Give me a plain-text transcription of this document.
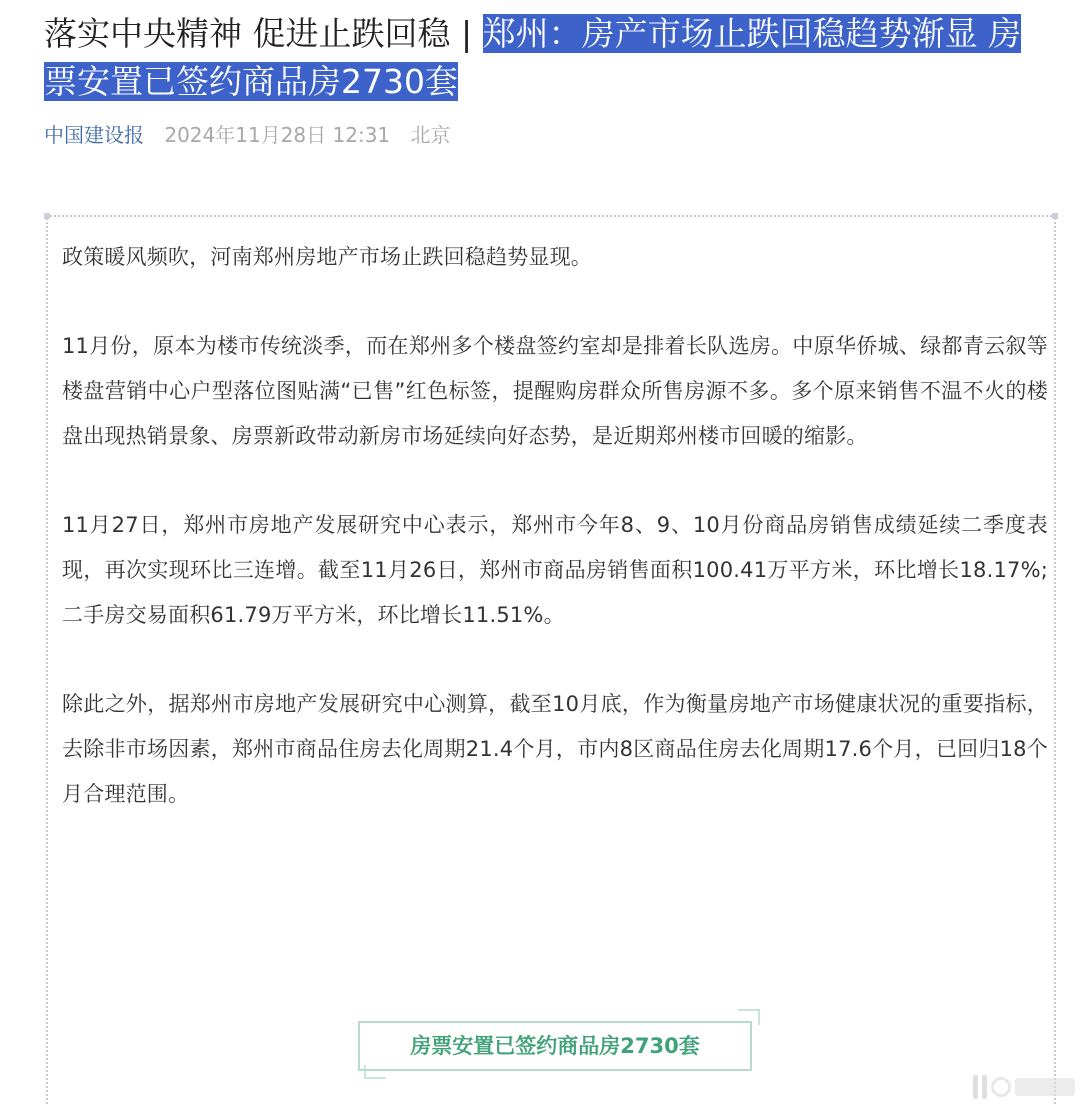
落实中央精神 促进止跌回稳 | 郑州：房产市场止跌回稳趋势渐显 房票安置已签约商品房2730套
中国建设报 2024年11月28日 12:31 北京

政策暖风频吹，河南郑州房地产市场止跌回稳趋势显现。

11月份，原本为楼市传统淡季，而在郑州多个楼盘签约室却是排着长队选房。中原华侨城、绿都青云叙等楼盘营销中心户型落位图贴满“已售”红色标签，提醒购房群众所售房源不多。多个原来销售不温不火的楼盘出现热销景象、房票新政带动新房市场延续向好态势，是近期郑州楼市回暖的缩影。

11月27日，郑州市房地产发展研究中心表示，郑州市今年8、9、10月份商品房销售成绩延续二季度表现，再次实现环比三连增。截至11月26日，郑州市商品房销售面积100.41万平方米，环比增长18.17%;二手房交易面积61.79万平方米，环比增长11.51%。

除此之外，据郑州市房地产发展研究中心测算，截至10月底，作为衡量房地产市场健康状况的重要指标，去除非市场因素，郑州市商品住房去化周期21.4个月，市内8区商品住房去化周期17.6个月，已回归18个月合理范围。

房票安置已签约商品房2730套
